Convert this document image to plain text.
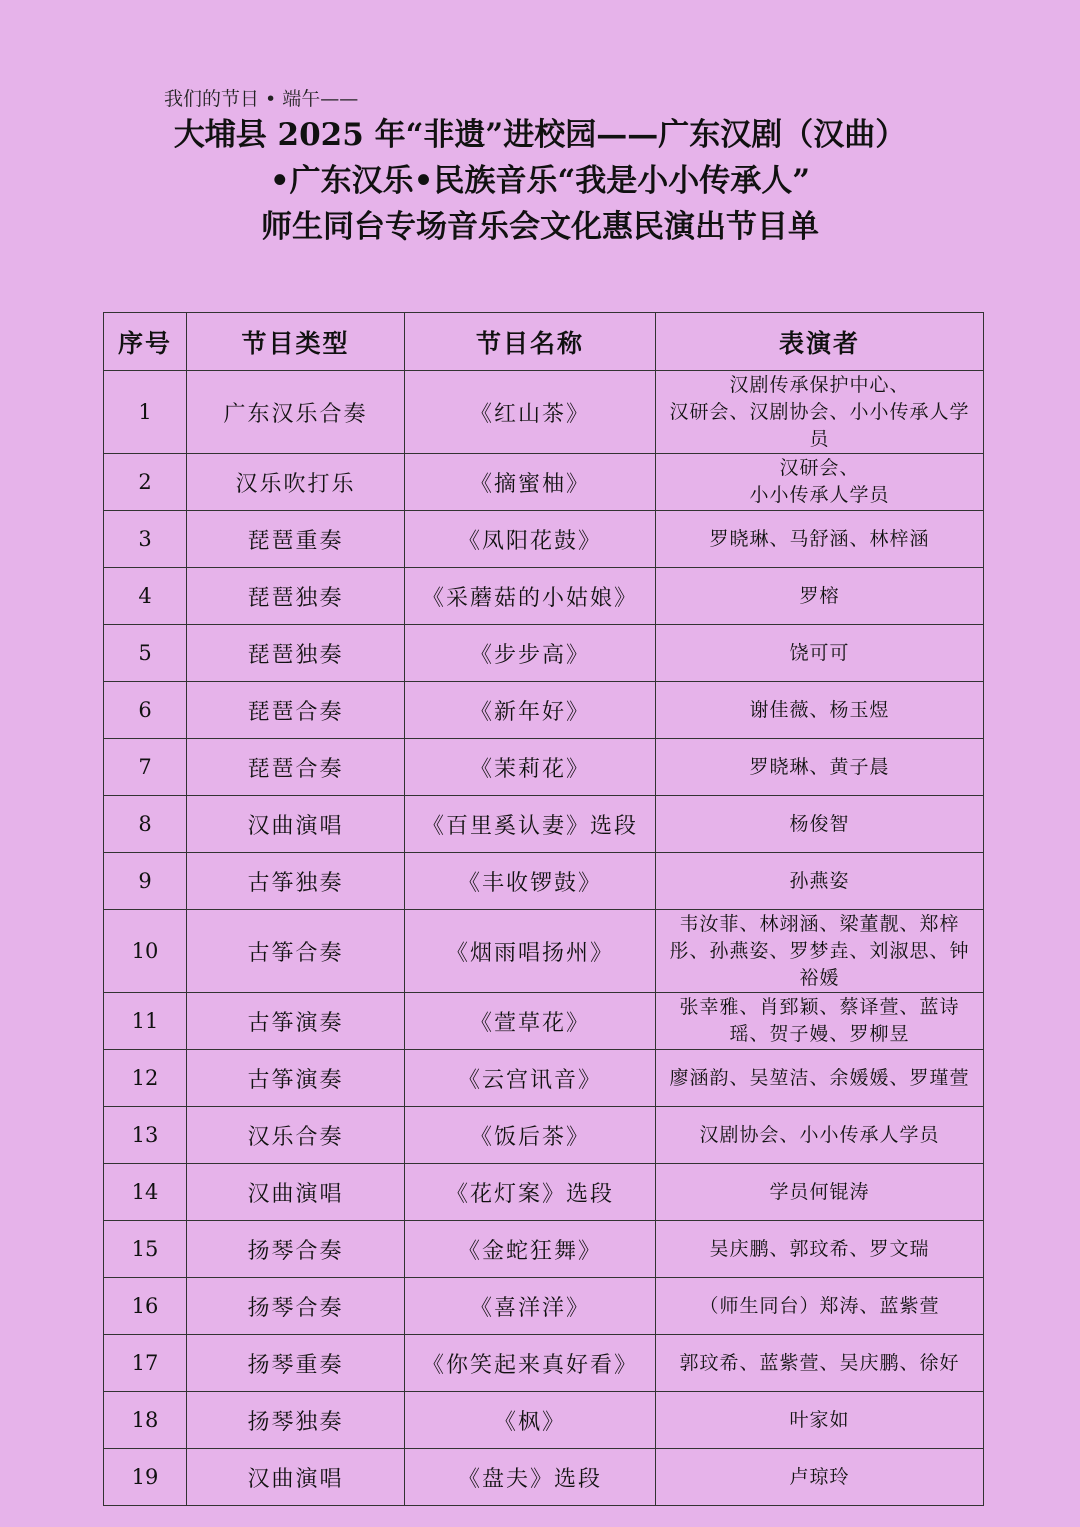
我们的节日 • 端午——
大埔县 2025 年“非遗”进校园——广东汉剧（汉曲）
•广东汉乐•民族音乐“我是小小传承人”
师生同台专场音乐会文化惠民演出节目单
序号	节目类型	节目名称	表演者
1	广东汉乐合奏	《红山茶》	汉剧传承保护中心、
汉研会、汉剧协会、小小传承人学员
2	汉乐吹打乐	《摘蜜柚》	汉研会、
小小传承人学员
3	琵琶重奏	《凤阳花鼓》	罗晓琳、马舒涵、林梓涵
4	琵琶独奏	《采蘑菇的小姑娘》	罗榕
5	琵琶独奏	《步步高》	饶可可
6	琵琶合奏	《新年好》	谢佳薇、杨玉煜
7	琵琶合奏	《茉莉花》	罗晓琳、黄子晨
8	汉曲演唱	《百里奚认妻》选段	杨俊智
9	古筝独奏	《丰收锣鼓》	孙燕姿
10	古筝合奏	《烟雨唱扬州》	韦汝菲、林翊涵、梁董靓、郑梓彤、孙燕姿、罗梦垚、刘淑思、钟裕媛
11	古筝演奏	《萱草花》	张幸雅、肖郅颖、蔡译萱、蓝诗瑶、贺子嫚、罗柳昱
12	古筝演奏	《云宫讯音》	廖涵韵、吴堃洁、余媛媛、罗瑾萱
13	汉乐合奏	《饭后茶》	汉剧协会、小小传承人学员
14	汉曲演唱	《花灯案》选段	学员何锟涛
15	扬琴合奏	《金蛇狂舞》	吴庆鹏、郭玟希、罗文瑞
16	扬琴合奏	《喜洋洋》	（师生同台）郑涛、蓝紫萱
17	扬琴重奏	《你笑起来真好看》	郭玟希、蓝紫萱、吴庆鹏、徐好
18	扬琴独奏	《枫》	叶家如
19	汉曲演唱	《盘夫》选段	卢琼玲
